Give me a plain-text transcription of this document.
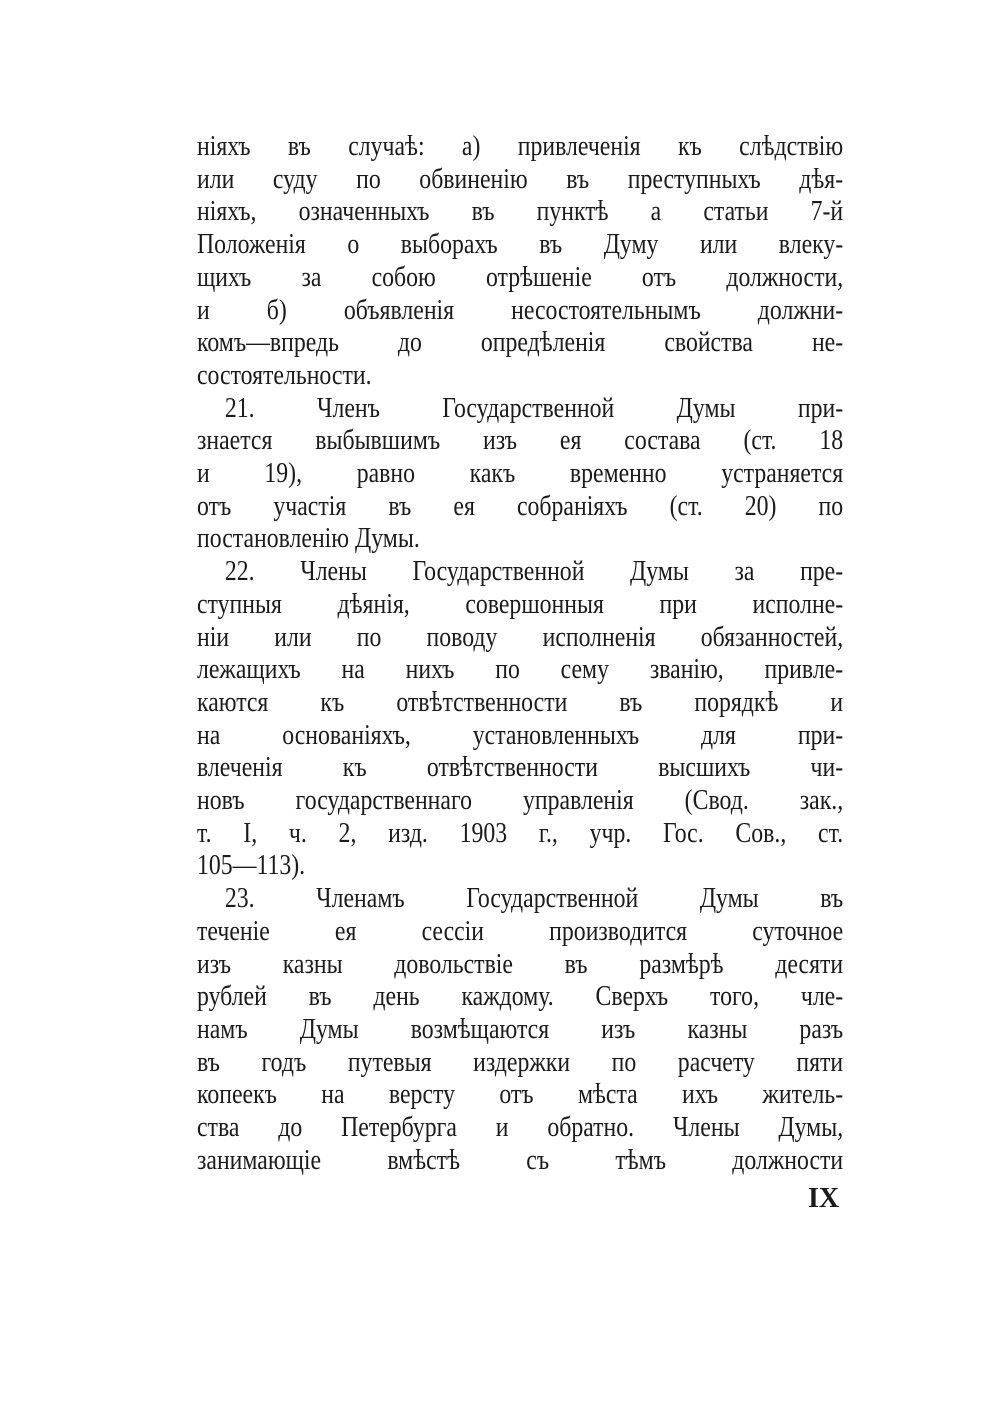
ніяхъ въ случаѣ: а) привлеченія къ слѣдствію
или суду по обвиненію въ преступныхъ дѣя-
ніяхъ, означенныхъ въ пунктѣ а статьи 7-й
Положенія о выборахъ въ Думу или влеку-
щихъ за собою отрѣшеніе отъ должности,
и б) объявленія несостоятельнымъ должни-
комъ—впредь до опредѣленія свойства не-
состоятельности.
21. Членъ Государственной Думы при-
знается выбывшимъ изъ ея состава (ст. 18
и 19), равно какъ временно устраняется
отъ участія въ ея собраніяхъ (ст. 20) по
постановленію Думы.
22. Члены Государственной Думы за пре-
ступныя дѣянія, совершонныя при исполне-
ніи или по поводу исполненія обязанностей,
лежащихъ на нихъ по сему званію, привле-
каются къ отвѣтственности въ порядкѣ и
на основаніяхъ, установленныхъ для при-
влеченія къ отвѣтственности высшихъ чи-
новъ государственнаго управленія (Свод. зак.,
т. I, ч. 2, изд. 1903 г., учр. Гос. Сов., ст.
105—113).
23. Членамъ Государственной Думы въ
теченіе ея сессіи производится суточное
изъ казны довольствіе въ размѣрѣ десяти
рублей въ день каждому. Сверхъ того, чле-
намъ Думы возмѣщаются изъ казны разъ
въ годъ путевыя издержки по расчету пяти
копеекъ на версту отъ мѣста ихъ житель-
ства до Петербурга и обратно. Члены Думы,
занимающіе вмѣстѣ съ тѣмъ должности
IX
